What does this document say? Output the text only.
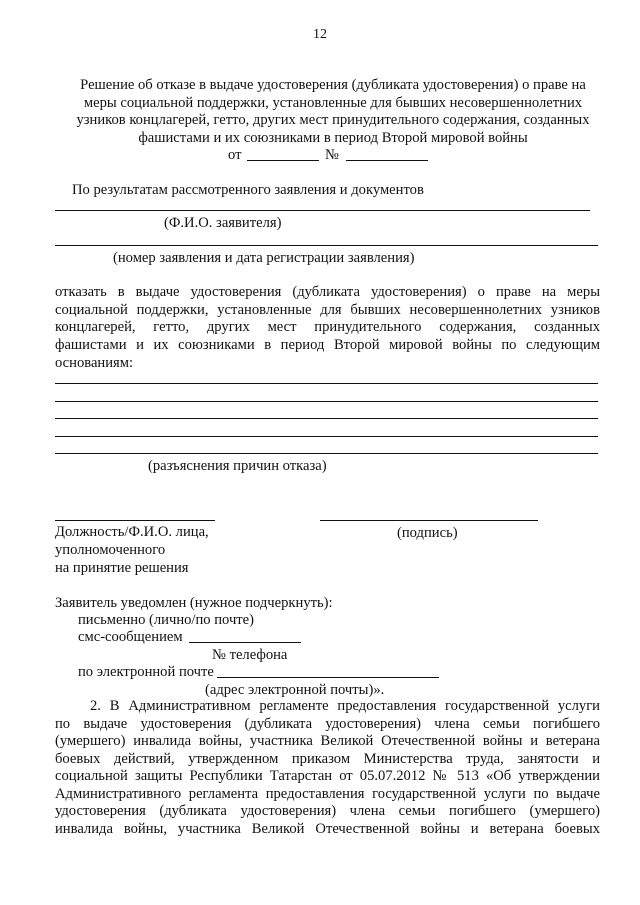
12
Решение об отказе в выдаче удостоверения (дубликата удостоверения) о праве на
меры социальной поддержки, установленные для бывших несовершеннолетних
узников концлагерей, гетто, других мест принудительного содержания, созданных
фашистами и их союзниками в период Второй мировой войны
от	№
По результатам рассмотренного заявления и документов
(Ф.И.О. заявителя)
(номер заявления и дата регистрации заявления)
отказать в выдаче удостоверения (дубликата удостоверения) о праве на меры
социальной поддержки, установленные для бывших несовершеннолетних узников
концлагерей, гетто, других мест принудительного содержания, созданных
фашистами и их союзниками в период Второй мировой войны по следующим
основаниям:
(разъяснения причин отказа)
Должность/Ф.И.О. лица,
уполномоченного
на принятие решения
(подпись)
Заявитель уведомлен (нужное подчеркнуть):
письменно (лично/по почте)
смс-сообщением
№ телефона
по электронной почте
(адрес электронной почты)».
2. В Административном регламенте предоставления государственной услуги
по выдаче удостоверения (дубликата удостоверения) члена семьи погибшего
(умершего) инвалида войны, участника Великой Отечественной войны и ветерана
боевых действий, утвержденном приказом Министерства труда, занятости и
социальной защиты Республики Татарстан от 05.07.2012 № 513 «Об утверждении
Административного регламента предоставления государственной услуги по выдаче
удостоверения (дубликата удостоверения) члена семьи погибшего (умершего)
инвалида войны, участника Великой Отечественной войны и ветерана боевых
